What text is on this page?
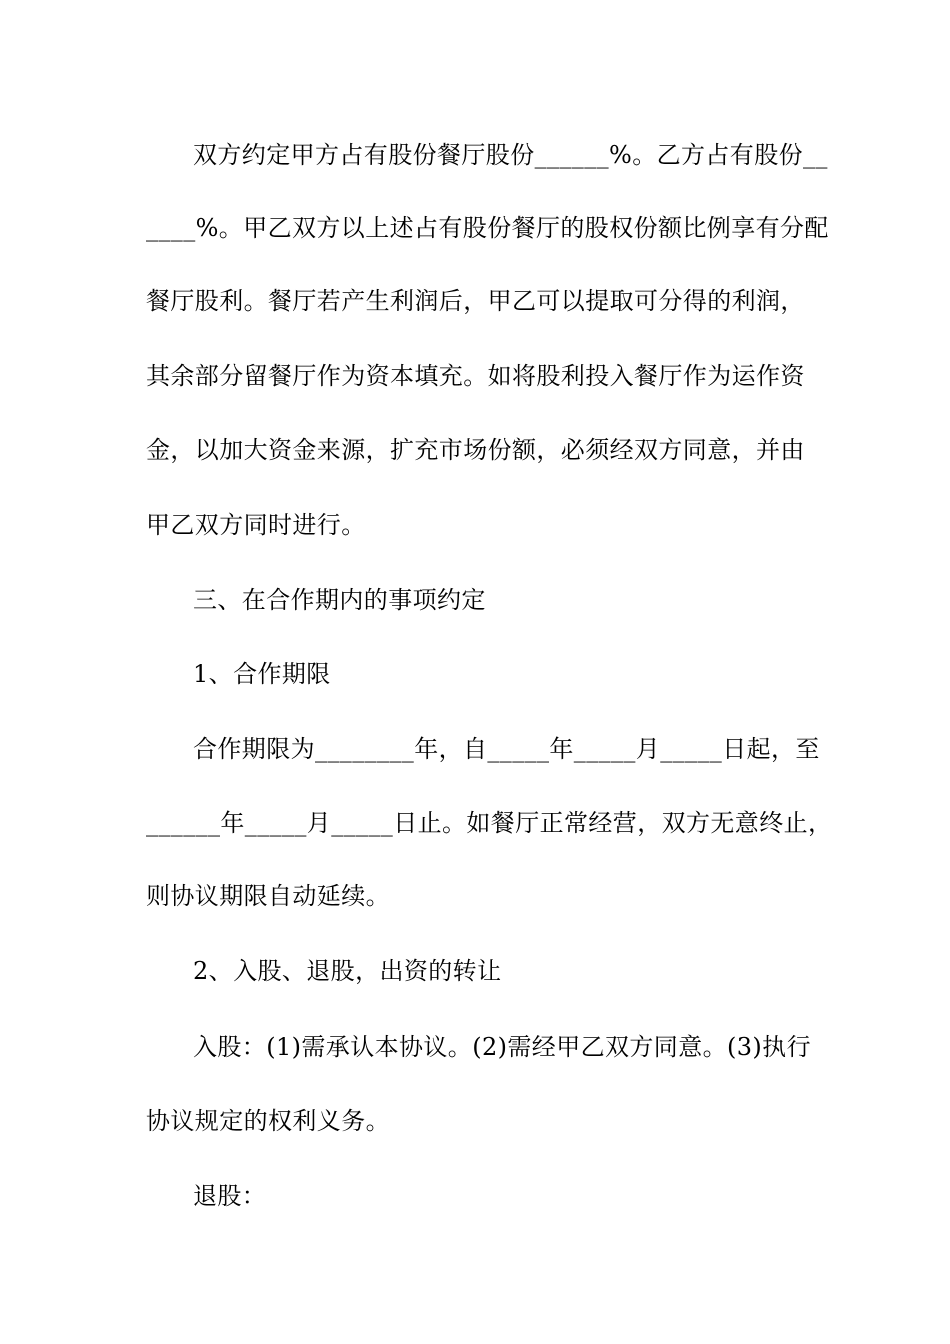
双方约定甲方占有股份餐厅股份______%。乙方占有股份__
____%。甲乙双方以上述占有股份餐厅的股权份额比例享有分配
餐厅股利。餐厅若产生利润后，甲乙可以提取可分得的利润，
其余部分留餐厅作为资本填充。如将股利投入餐厅作为运作资
金，以加大资金来源，扩充市场份额，必须经双方同意，并由
甲乙双方同时进行。
三、在合作期内的事项约定
1、合作期限
合作期限为________年，自_____年_____月_____日起，至
______年_____月_____日止。如餐厅正常经营，双方无意终止，
则协议期限自动延续。
2、入股、退股，出资的转让
入股：(1)需承认本协议。(2)需经甲乙双方同意。(3)执行
协议规定的权利义务。
退股：
